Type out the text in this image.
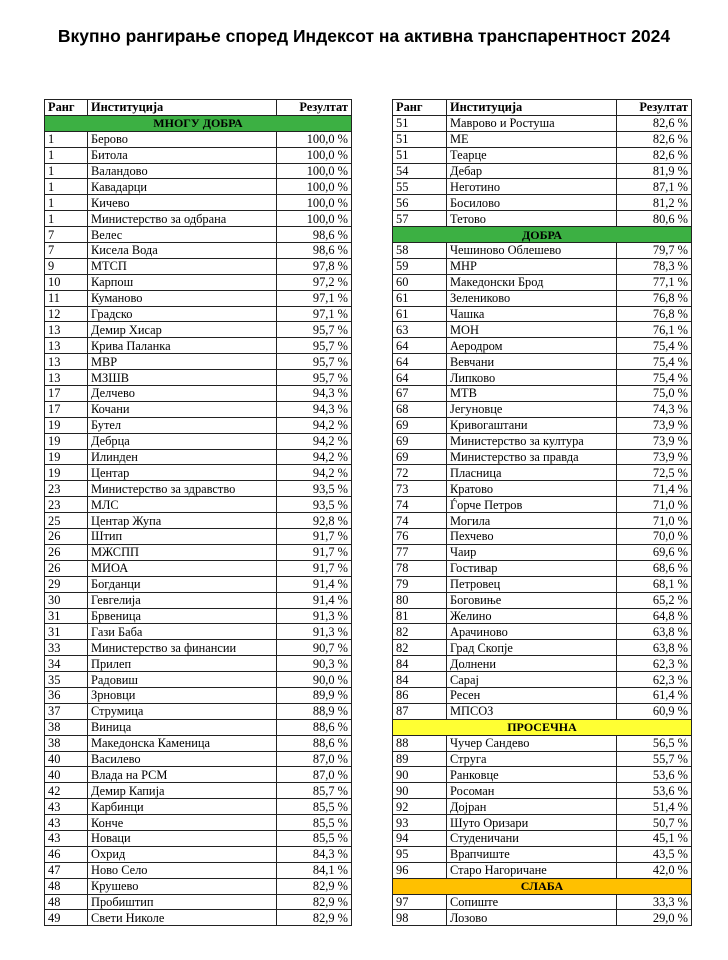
Вкупно рангирање според Индексот на активна транспарентност 2024
Ранг	Институција	Резултат
МНОГУ ДОБРА		
1	Берово	100,0 %
1	Битола	100,0 %
1	Валандово	100,0 %
1	Кавадарци	100,0 %
1	Кичево	100,0 %
1	Министерство за одбрана	100,0 %
7	Велес	98,6 %
7	Кисела Вода	98,6 %
9	МТСП	97,8 %
10	Карпош	97,2 %
11	Куманово	97,1 %
12	Градско	97,1 %
13	Демир Хисар	95,7 %
13	Крива Паланка	95,7 %
13	МВР	95,7 %
13	МЗШВ	95,7 %
17	Делчево	94,3 %
17	Кочани	94,3 %
19	Бутел	94,2 %
19	Дебрца	94,2 %
19	Илинден	94,2 %
19	Центар	94,2 %
23	Министерство за здравство	93,5 %
23	МЛС	93,5 %
25	Центар Жупа	92,8 %
26	Штип	91,7 %
26	МЖСПП	91,7 %
26	МИОА	91,7 %
29	Богданци	91,4 %
30	Гевгелија	91,4 %
31	Брвеница	91,3 %
31	Гази Баба	91,3 %
33	Министерство за финансии	90,7 %
34	Прилеп	90,3 %
35	Радовиш	90,0 %
36	Зрновци	89,9 %
37	Струмица	88,9 %
38	Виница	88,6 %
38	Македонска Каменица	88,6 %
40	Василево	87,0 %
40	Влада на РСМ	87,0 %
42	Демир Капија	85,7 %
43	Карбинци	85,5 %
43	Конче	85,5 %
43	Новаци	85,5 %
46	Охрид	84,3 %
47	Ново Село	84,1 %
48	Крушево	82,9 %
48	Пробиштип	82,9 %
49	Свети Николе	82,9 %
Ранг	Институција	Резултат
51	Маврово и Ростуша	82,6 %
51	МЕ	82,6 %
51	Теарце	82,6 %
54	Дебар	81,9 %
55	Неготино	87,1 %
56	Босилово	81,2 %
57	Тетово	80,6 %
ДОБРА		
58	Чешиново Облешево	79,7 %
59	МНР	78,3 %
60	Македонски Брод	77,1 %
61	Зелениково	76,8 %
61	Чашка	76,8 %
63	МОН	76,1 %
64	Аеродром	75,4 %
64	Вевчани	75,4 %
64	Липково	75,4 %
67	МТВ	75,0 %
68	Јегуновце	74,3 %
69	Кривогаштани	73,9 %
69	Министерство за култура	73,9 %
69	Министерство за правда	73,9 %
72	Пласница	72,5 %
73	Кратово	71,4 %
74	Ѓорче Петров	71,0 %
74	Могила	71,0 %
76	Пехчево	70,0 %
77	Чаир	69,6 %
78	Гостивар	68,6 %
79	Петровец	68,1 %
80	Боговиње	65,2 %
81	Желино	64,8 %
82	Арачиново	63,8 %
82	Град Скопје	63,8 %
84	Долнени	62,3 %
84	Сарај	62,3 %
86	Ресен	61,4 %
87	МПСОЗ	60,9 %
ПРОСЕЧНА		
88	Чучер Сандево	56,5 %
89	Струга	55,7 %
90	Ранковце	53,6 %
90	Росоман	53,6 %
92	Дојран	51,4 %
93	Шуто Оризари	50,7 %
94	Студеничани	45,1 %
95	Врапчиште	43,5 %
96	Старо Нагоричане	42,0 %
СЛАБА		
97	Сопиште	33,3 %
98	Лозово	29,0 %
